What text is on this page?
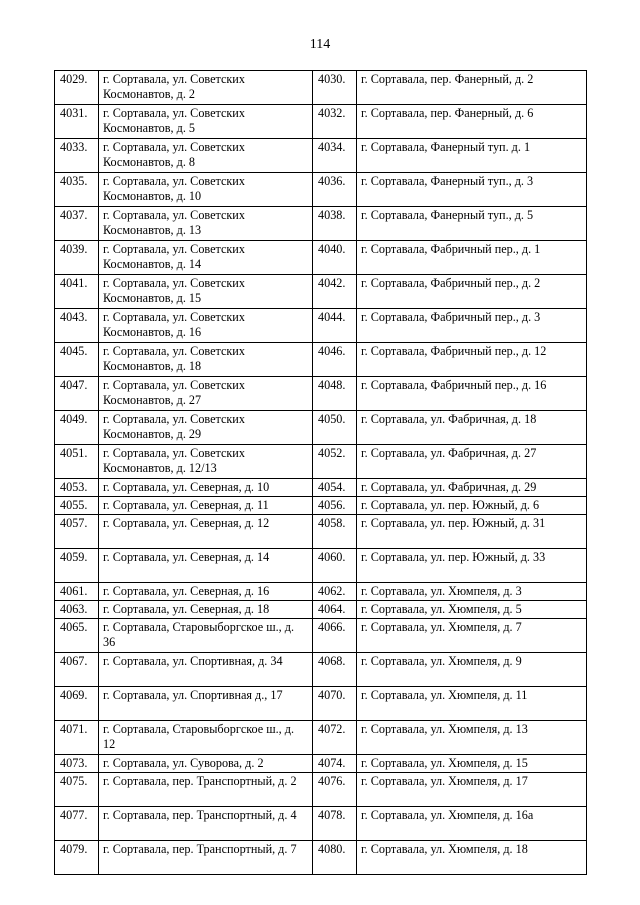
114
4029.	г. Сортавала, ул. Советских Космонавтов, д. 2	4030.	г. Сортавала, пер. Фанерный, д. 2
4031.	г. Сортавала, ул. Советских Космонавтов, д. 5	4032.	г. Сортавала, пер. Фанерный, д. 6
4033.	г. Сортавала, ул. Советских Космонавтов, д. 8	4034.	г. Сортавала, Фанерный туп. д. 1
4035.	г. Сортавала, ул. Советских Космонавтов, д. 10	4036.	г. Сортавала, Фанерный туп., д. 3
4037.	г. Сортавала, ул. Советских Космонавтов, д. 13	4038.	г. Сортавала, Фанерный туп., д. 5
4039.	г. Сортавала, ул. Советских Космонавтов, д. 14	4040.	г. Сортавала, Фабричный пер., д. 1
4041.	г. Сортавала, ул. Советских Космонавтов, д. 15	4042.	г. Сортавала, Фабричный пер., д. 2
4043.	г. Сортавала, ул. Советских Космонавтов, д. 16	4044.	г. Сортавала, Фабричный пер., д. 3
4045.	г. Сортавала, ул. Советских Космонавтов, д. 18	4046.	г. Сортавала, Фабричный пер., д. 12
4047.	г. Сортавала, ул. Советских Космонавтов, д. 27	4048.	г. Сортавала, Фабричный пер., д. 16
4049.	г. Сортавала, ул. Советских Космонавтов, д. 29	4050.	г. Сортавала, ул. Фабричная, д. 18
4051.	г. Сортавала, ул. Советских Космонавтов, д. 12/13	4052.	г. Сортавала, ул. Фабричная, д. 27
4053.	г. Сортавала, ул. Северная, д. 10	4054.	г. Сортавала, ул. Фабричная, д. 29
4055.	г. Сортавала, ул. Северная, д. 11	4056.	г. Сортавала, ул. пер. Южный, д. 6
4057.	г. Сортавала, ул. Северная, д. 12	4058.	г. Сортавала, ул. пер. Южный, д. 31
4059.	г. Сортавала, ул. Северная, д. 14	4060.	г. Сортавала, ул. пер. Южный, д. 33
4061.	г. Сортавала, ул. Северная, д. 16	4062.	г. Сортавала, ул. Хюмпеля, д. 3
4063.	г. Сортавала, ул. Северная, д. 18	4064.	г. Сортавала, ул. Хюмпеля, д. 5
4065.	г. Сортавала, Старовыборгское ш., д. 36	4066.	г. Сортавала, ул. Хюмпеля, д. 7
4067.	г. Сортавала, ул. Спортивная, д. 34	4068.	г. Сортавала, ул. Хюмпеля, д. 9
4069.	г. Сортавала, ул. Спортивная д., 17	4070.	г. Сортавала, ул. Хюмпеля, д. 11
4071.	г. Сортавала, Старовыборгское ш., д. 12	4072.	г. Сортавала, ул. Хюмпеля, д. 13
4073.	г. Сортавала, ул. Суворова, д. 2	4074.	г. Сортавала, ул. Хюмпеля, д. 15
4075.	г. Сортавала, пер. Транспортный, д. 2	4076.	г. Сортавала, ул. Хюмпеля, д. 17
4077.	г. Сортавала, пер. Транспортный, д. 4	4078.	г. Сортавала, ул. Хюмпеля, д. 16а
4079.	г. Сортавала, пер. Транспортный, д. 7	4080.	г. Сортавала, ул. Хюмпеля, д. 18
